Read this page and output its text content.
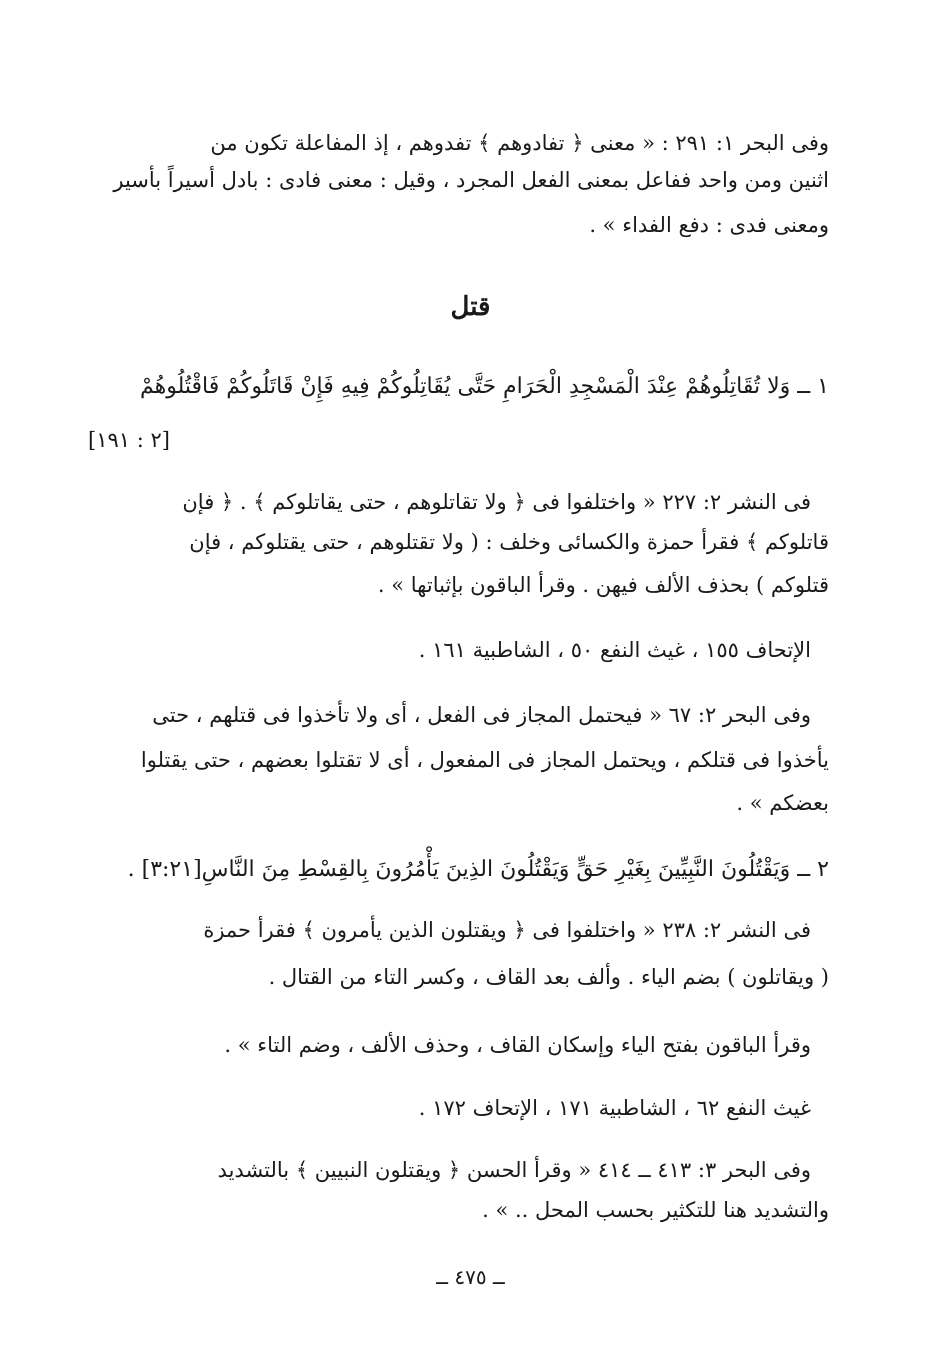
وفى البحر ١: ٢٩١ : « معنى ﴿ تفادوهم ﴾ تفدوهم ، إذ المفاعلة تكون من
اثنين ومن واحد ففاعل بمعنى الفعل المجرد ، وقيل : معنى فادى : بادل أسيراً بأسير
ومعنى فدى : دفع الفداء » .
قتل
١ ــ وَلا تُقَاتِلُوهُمْ عِنْدَ الْمَسْجِدِ الْحَرَامِ حَتَّى يُقَاتِلُوكُمْ فِيهِ فَإِنْ قَاتَلُوكُمْ فَاقْتُلُوهُمْ
[٢ : ١٩١]
فى النشر ٢: ٢٢٧ « واختلفوا فى ﴿ ولا تقاتلوهم ، حتى يقاتلوكم ﴾ . ﴿ فإن
قاتلوكم ﴾ فقرأ حمزة والكسائى وخلف : ( ولا تقتلوهم ، حتى يقتلوكم ، فإن
قتلوكم ) بحذف الألف فيهن . وقرأ الباقون بإثباتها » .
الإتحاف ١٥٥ ، غيث النفع ٥٠ ، الشاطبية ١٦١ .
وفى البحر ٢: ٦٧ « فيحتمل المجاز فى الفعل ، أى ولا تأخذوا فى قتلهم ، حتى
يأخذوا فى قتلكم ، ويحتمل المجاز فى المفعول ، أى لا تقتلوا بعضهم ، حتى يقتلوا
بعضكم » .
٢ ــ وَيَقْتُلُونَ النَّبِيِّينَ بِغَيْرِ حَقٍّ وَيَقْتُلُونَ الذِينَ يَأْمُرُونَ بِالقِسْطِ مِنَ النَّاسِ[٣:٢١] .
فى النشر ٢: ٢٣٨ « واختلفوا فى ﴿ ويقتلون الذين يأمرون ﴾ فقرأ حمزة
( ويقاتلون ) بضم الياء . وألف بعد القاف ، وكسر التاء من القتال .
وقرأ الباقون بفتح الياء وإسكان القاف ، وحذف الألف ، وضم التاء » .
غيث النفع ٦٢ ، الشاطبية ١٧١ ، الإتحاف ١٧٢ .
وفى البحر ٣: ٤١٣ ــ ٤١٤ « وقرأ الحسن ﴿ ويقتلون النبيين ﴾ بالتشديد
والتشديد هنا للتكثير بحسب المحل .. » .
ــ ٤٧٥ ــ
